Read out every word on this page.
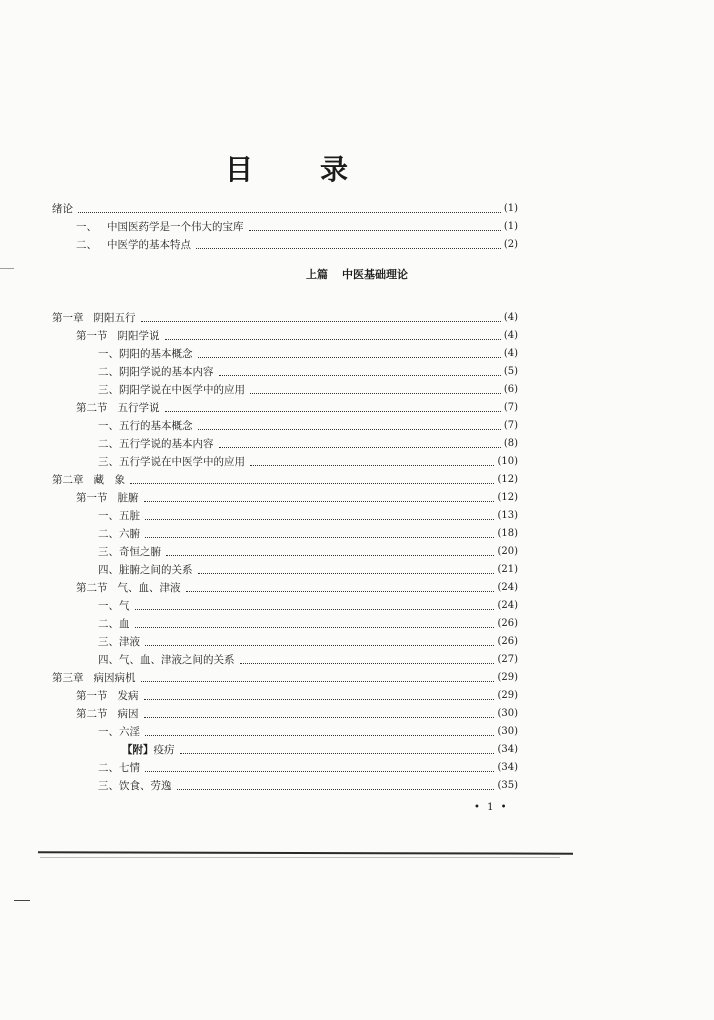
目 录
上篇 中医基础理论
绪论	(1)
一、 中国医药学是一个伟大的宝库	(1)
二、 中医学的基本特点	(2)
第一章 阴阳五行	(4)
第一节 阴阳学说	(4)
一、阴阳的基本概念	(4)
二、阴阳学说的基本内容	(5)
三、阴阳学说在中医学中的应用	(6)
第二节 五行学说	(7)
一、五行的基本概念	(7)
二、五行学说的基本内容	(8)
三、五行学说在中医学中的应用	(10)
第二章 藏　象	(12)
第一节 脏腑	(12)
一、五脏	(13)
二、六腑	(18)
三、奇恒之腑	(20)
四、脏腑之间的关系	(21)
第二节 气、血、津液	(24)
一、气	(24)
二、血	(26)
三、津液	(26)
四、气、血、津液之间的关系	(27)
第三章 病因病机	(29)
第一节 发病	(29)
第二节 病因	(30)
一、六淫	(30)
【附】疫疠	(34)
二、七情	(34)
三、饮食、劳逸	(35)
• 1 •
